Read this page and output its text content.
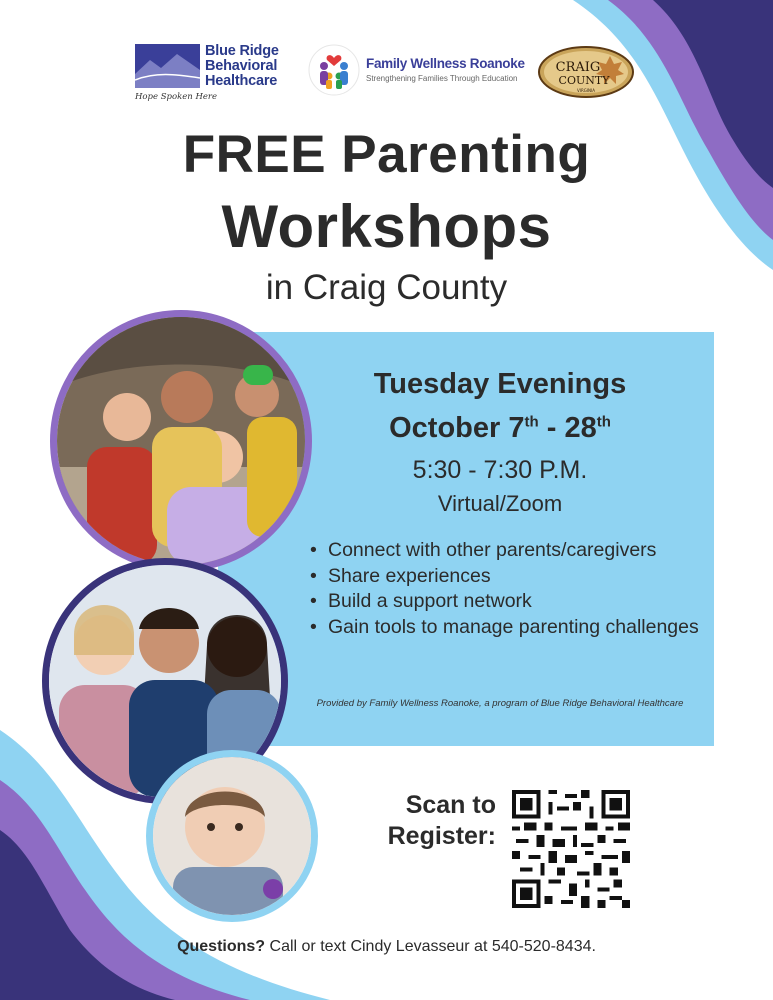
Blue Ridge
Behavioral
Healthcare
Hope Spoken Here
Family Wellness Roanoke
Strengthening Families Through Education
CRAIG
COUNTY
VIRGINIA
FREE Parenting
Workshops
in Craig County
Tuesday Evenings
October 7th - 28th
5:30 - 7:30 P.M.
Virtual/Zoom
• Connect with other parents/caregivers
• Share experiences
• Build a support network
• Gain tools to manage parenting challenges
Provided by Family Wellness Roanoke, a program of Blue Ridge Behavioral Healthcare
Scan to
Register:
Questions? Call or text Cindy Levasseur at 540-520-8434.
